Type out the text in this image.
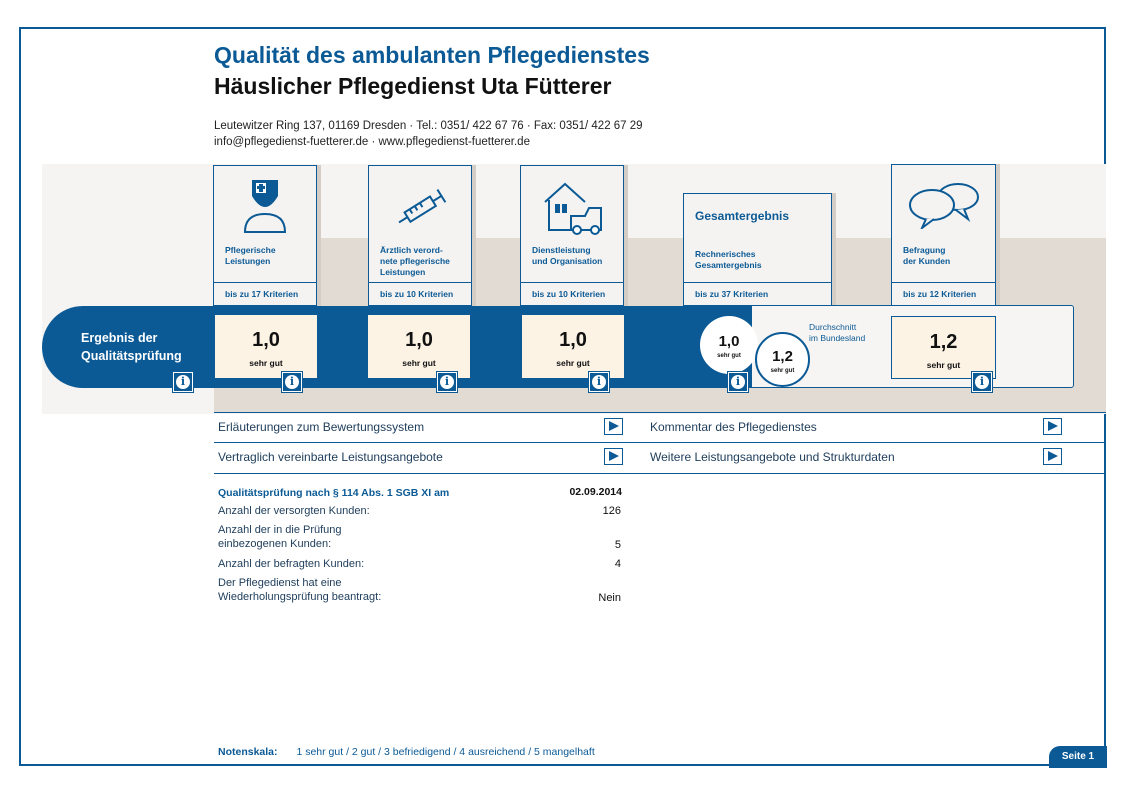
Qualität des ambulanten Pflegedienstes
Häuslicher Pflegedienst Uta Fütterer
Leutewitzer Ring 137, 01169 Dresden · Tel.: 0351/ 422 67 76 · Fax: 0351/ 422 67 29
info@pflegedienst-fuetterer.de · www.pflegedienst-fuetterer.de
Pflegerische
Leistungen
bis zu 17 Kriterien
Ärztlich verord-
nete pflegerische
Leistungen
bis zu 10 Kriterien
Dienstleistung
und Organisation
bis zu 10 Kriterien
Gesamtergebnis
Rechnerisches
Gesamtergebnis
bis zu 37 Kriterien
Befragung
der Kunden
bis zu 12 Kriterien
Ergebnis der
Qualitätsprüfung
1,0
sehr gut
1,0
sehr gut
1,0
sehr gut
1,0
sehr gut	1,2
sehr gut
Durchschnitt
im Bundesland	1,2
sehr gut
i	i	i	i	i	i
Erläuterungen zum Bewertungssystem	Kommentar des Pflegedienstes
Vertraglich vereinbarte Leistungsangebote	Weitere Leistungsangebote und Strukturdaten
Qualitätsprüfung nach § 114 Abs. 1 SGB XI am	02.09.2014
Anzahl der versorgten Kunden:	126
Anzahl der in die Prüfung
einbezogenen Kunden:	5
Anzahl der befragten Kunden:	4
Der Pflegedienst hat eine
Wiederholungsprüfung beantragt:	Nein
Notenskala: 1 sehr gut / 2 gut / 3 befriedigend / 4 ausreichend / 5 mangelhaft	Seite 1
